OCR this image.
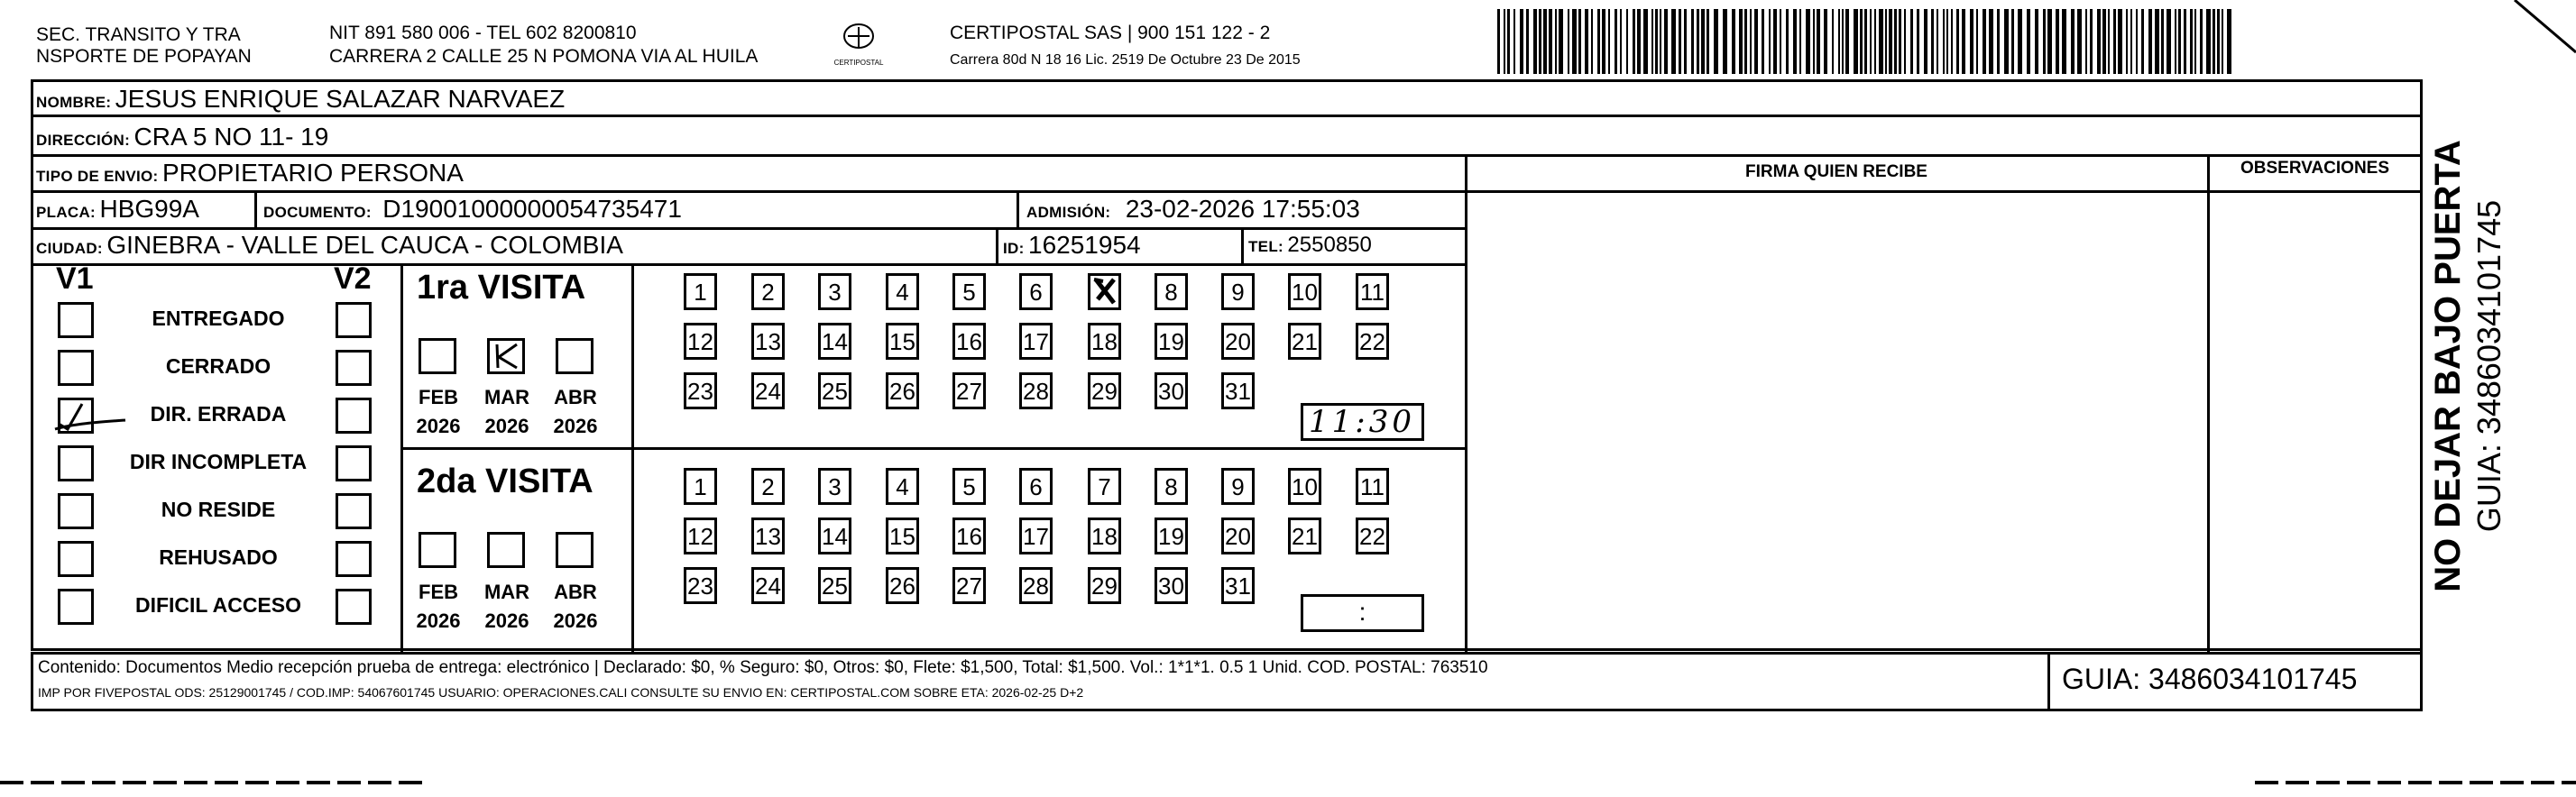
SEC. TRANSITO Y TRA
NSPORTE DE POPAYAN
NIT 891 580 006 - TEL 602 8200810
CARRERA 2 CALLE 25 N POMONA VIA AL HUILA	CERTIPOSTAL
CERTIPOSTAL SAS | 900 151 122 - 2
Carrera 80d N 18 16 Lic. 2519 De Octubre 23 De 2015
NOMBRE: JESUS ENRIQUE SALAZAR NARVAEZ
DIRECCIÓN: CRA 5 NO 11- 19
TIPO DE ENVIO: PROPIETARIO PERSONA	FIRMA QUIEN RECIBE	OBSERVACIONES
PLACA: HBG99A	DOCUMENTO: D19001000000054735471	ADMISIÓN: 23-02-2026 17:55:03
CIUDAD: GINEBRA - VALLE DEL CAUCA - COLOMBIA	ID: 16251954	TEL: 2550850
V1	V2
ENTREGADO
CERRADO
DIR. ERRADA
DIR INCOMPLETA
NO RESIDE
REHUSADO
DIFICIL ACCESO
1ra VISITA
FEB	MAR	ABR
2026	2026	2026
1	2	3	4	5	6	8	9	10 11
12 13 14 15 16 17 18 19 20 21 22
23 24 25 26 27 28 29 30 31
11:30
2da VISITA
FEB	MAR	ABR
2026	2026	2026
1	2	3	4	5	6	7	8	9	10 11
12 13 14 15 16 17 18 19 20 21 22
23 24 25 26 27 28 29 30 31
:
Contenido: Documentos Medio recepción prueba de entrega: electrónico | Declarado: $0, % Seguro: $0, Otros: $0, Flete: $1,500, Total: $1,500. Vol.: 1*1*1. 0.5 1 Unid. COD. POSTAL: 763510
IMP POR FIVEPOSTAL ODS: 25129001745 / COD.IMP: 54067601745 USUARIO: OPERACIONES.CALI CONSULTE SU ENVIO EN: CERTIPOSTAL.COM SOBRE ETA: 2026-02-25 D+2	GUIA: 3486034101745
NO DEJAR BAJO PUERTA GUIA: 3486034101745
